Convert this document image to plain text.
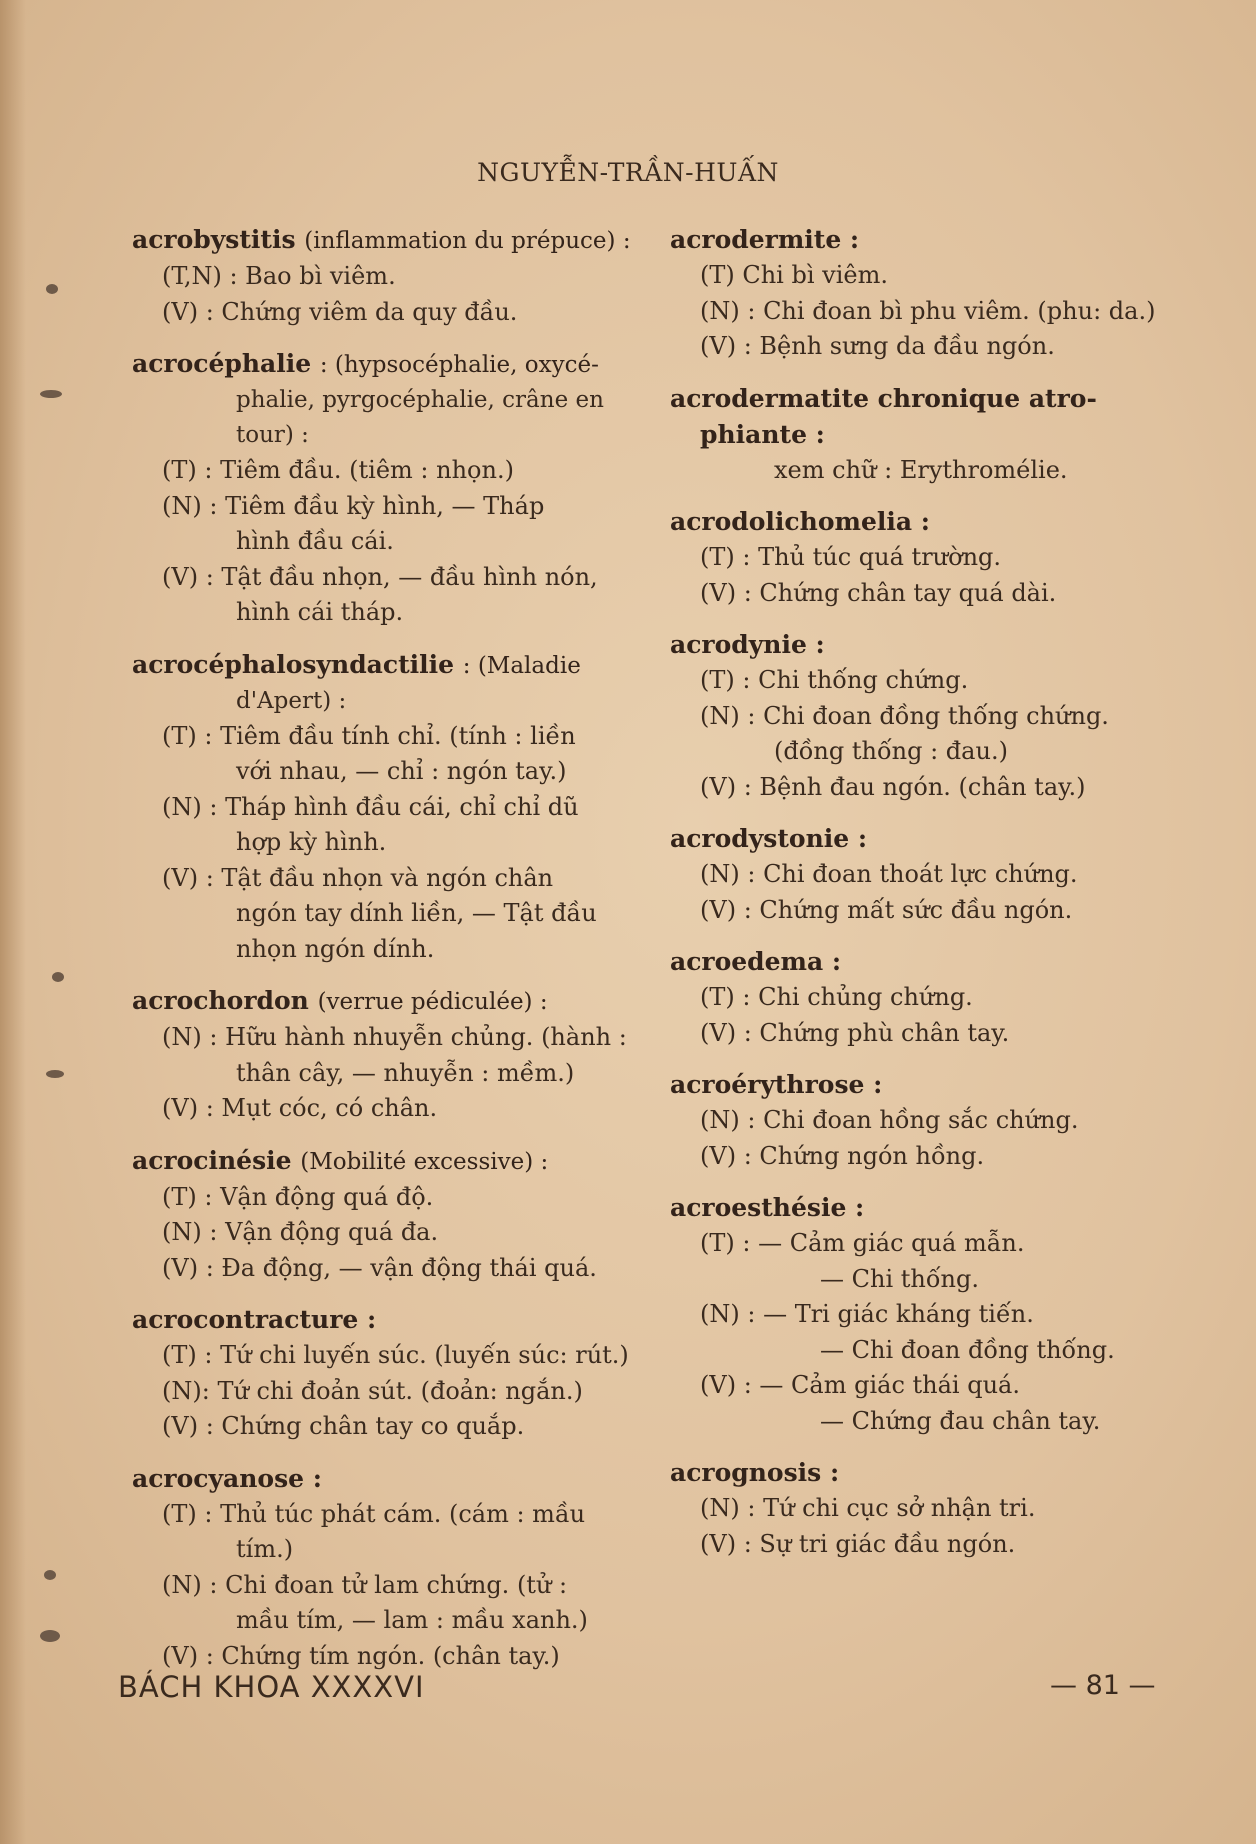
NGUYỄN-TRẦN-HUẤN
acrobystitis (inflammation du prépuce) :
(T,N) : Bao bì viêm.
(V) : Chứng viêm da quy đầu.
acrocéphalie : (hypsocéphalie, oxycé-
phalie, pyrgocéphalie, crâne en
tour) :
(T) : Tiêm đầu. (tiêm : nhọn.)
(N) : Tiêm đầu kỳ hình, — Tháp
hình đầu cái.
(V) : Tật đầu nhọn, — đầu hình nón,
hình cái tháp.
acrocéphalosyndactilie : (Maladie
d'Apert) :
(T) : Tiêm đầu tính chỉ. (tính : liền
với nhau, — chỉ : ngón tay.)
(N) : Tháp hình đầu cái, chỉ chỉ dũ
hợp kỳ hình.
(V) : Tật đầu nhọn và ngón chân
ngón tay dính liền, — Tật đầu
nhọn ngón dính.
acrochordon (verrue pédiculée) :
(N) : Hữu hành nhuyễn chủng. (hành :
thân cây, — nhuyễn : mềm.)
(V) : Mụt cóc, có chân.
acrocinésie (Mobilité excessive) :
(T) : Vận động quá độ.
(N) : Vận động quá đa.
(V) : Đa động, — vận động thái quá.
acrocontracture :
(T) : Tứ chi luyến súc. (luyến súc: rút.)
(N): Tứ chi đoản sút. (đoản: ngắn.)
(V) : Chứng chân tay co quắp.
acrocyanose :
(T) : Thủ túc phát cám. (cám : mầu
tím.)
(N) : Chi đoan tử lam chứng. (tử :
mầu tím, — lam : mầu xanh.)
(V) : Chứng tím ngón. (chân tay.)
acrodermite :
(T) Chi bì viêm.
(N) : Chi đoan bì phu viêm. (phu: da.)
(V) : Bệnh sưng da đầu ngón.
acrodermatite chronique atro-
phiante :
xem chữ : Erythromélie.
acrodolichomelia :
(T) : Thủ túc quá trường.
(V) : Chứng chân tay quá dài.
acrodynie :
(T) : Chi thống chứng.
(N) : Chi đoan đồng thống chứng.
(đồng thống : đau.)
(V) : Bệnh đau ngón. (chân tay.)
acrodystonie :
(N) : Chi đoan thoát lực chứng.
(V) : Chứng mất sức đầu ngón.
acroedema :
(T) : Chi chủng chứng.
(V) : Chứng phù chân tay.
acroérythrose :
(N) : Chi đoan hồng sắc chứng.
(V) : Chứng ngón hồng.
acroesthésie :
(T) : — Cảm giác quá mẫn.
— Chi thống.
(N) : — Tri giác kháng tiến.
— Chi đoan đồng thống.
(V) : — Cảm giác thái quá.
— Chứng đau chân tay.
acrognosis :
(N) : Tứ chi cục sở nhận tri.
(V) : Sự tri giác đầu ngón.
BÁCH KHOA XXXXVI	— 81 —
